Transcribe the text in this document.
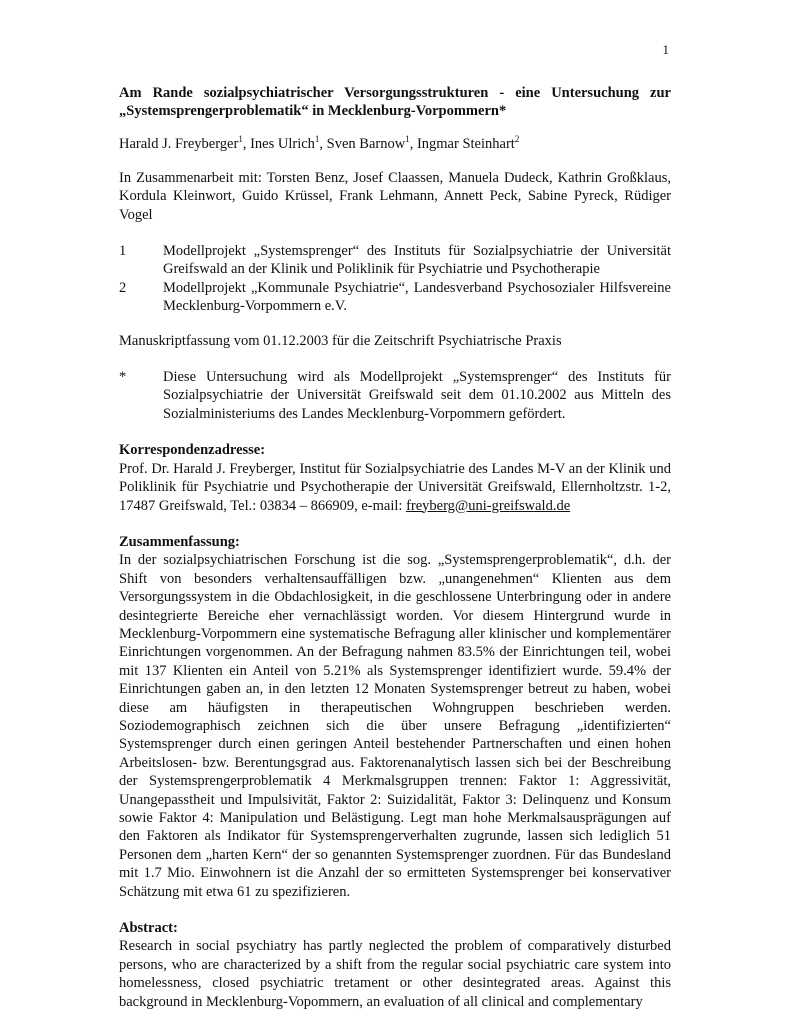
1

Am Rande sozialpsychiatrischer Versorgungsstrukturen - eine Untersuchung zur „Systemsprengerproblematik“ in Mecklenburg-Vorpommern*

Harald J. Freyberger$^1$, Ines Ulrich$^1$, Sven Barnow$^1$, Ingmar Steinhart$^2$
In Zusammenarbeit mit: Torsten Benz, Josef Claassen, Manuela Dudeck, Kathrin Großklaus, Kordula Kleinwort, Guido Krüssel, Frank Lehmann, Annett Peck, Sabine Pyreck, Rüdiger Vogel
1	Modellprojekt „Systemsprenger“ des Instituts für Sozialpsychiatrie der Universität Greifswald an der Klinik und Poliklinik für Psychiatrie und Psychotherapie
2	Modellprojekt „Kommunale Psychiatrie“, Landesverband Psychosozialer Hilfsvereine Mecklenburg-Vorpommern e.V.
Manuskriptfassung vom 01.12.2003 für die Zeitschrift Psychiatrische Praxis
*	Diese Untersuchung wird als Modellprojekt „Systemsprenger“ des Instituts für Sozialpsychiatrie der Universität Greifswald seit dem 01.10.2002 aus Mitteln des Sozialministeriums des Landes Mecklenburg-Vorpommern gefördert.
Korrespondenzadresse:
Prof. Dr. Harald J. Freyberger, Institut für Sozialpsychiatrie des Landes M-V an der Klinik und Poliklinik für Psychiatrie und Psychotherapie der Universität Greifswald, Ellernholtzstr. 1-2, 17487 Greifswald, Tel.: 03834 – 866909, e-mail: freyberg@uni-greifswald.de
Zusammenfassung:
In der sozialpsychiatrischen Forschung ist die sog. „Systemsprengerproblematik“, d.h. der Shift von besonders verhaltensauffälligen bzw. „unangenehmen“ Klienten aus dem Versorgungssystem in die Obdachlosigkeit, in die geschlossene Unterbringung oder in andere desintegrierte Bereiche eher vernachlässigt worden. Vor diesem Hintergrund wurde in Mecklenburg-Vorpommern eine systematische Befragung aller klinischer und komplementärer Einrichtungen vorgenommen. An der Befragung nahmen 83.5% der Einrichtungen teil, wobei mit 137 Klienten ein Anteil von 5.21% als Systemsprenger identifiziert wurde. 59.4% der Einrichtungen gaben an, in den letzten 12 Monaten Systemsprenger betreut zu haben, wobei diese am häufigsten in therapeutischen Wohngruppen beschrieben werden. Soziodemographisch zeichnen sich die über unsere Befragung „identifizierten“ Systemsprenger durch einen geringen Anteil bestehender Partnerschaften und einen hohen Arbeitslosen- bzw. Berentungsgrad aus. Faktorenanalytisch lassen sich bei der Beschreibung der Systemsprengerproblematik 4 Merkmalsgruppen trennen: Faktor 1: Aggressivität, Unangepasstheit und Impulsivität, Faktor 2: Suizidalität, Faktor 3: Delinquenz und Konsum sowie Faktor 4: Manipulation und Belästigung. Legt man hohe Merkmalsausprägungen auf den Faktoren als Indikator für Systemsprengerverhalten zugrunde, lassen sich lediglich 51 Personen dem „harten Kern“ der so genannten Systemsprenger zuordnen. Für das Bundesland mit 1.7 Mio. Einwohnern ist die Anzahl der so ermitteten Systemsprenger bei konservativer Schätzung mit etwa 61 zu spezifizieren.
Abstract:
Research in social psychiatry has partly neglected the problem of comparatively disturbed persons, who are characterized by a shift from the regular social psychiatric care system into homelessness, closed psychiatric tretament or other desintegrated areas. Against this background in Mecklenburg-Vopommern, an evaluation of all clinical and complementary
